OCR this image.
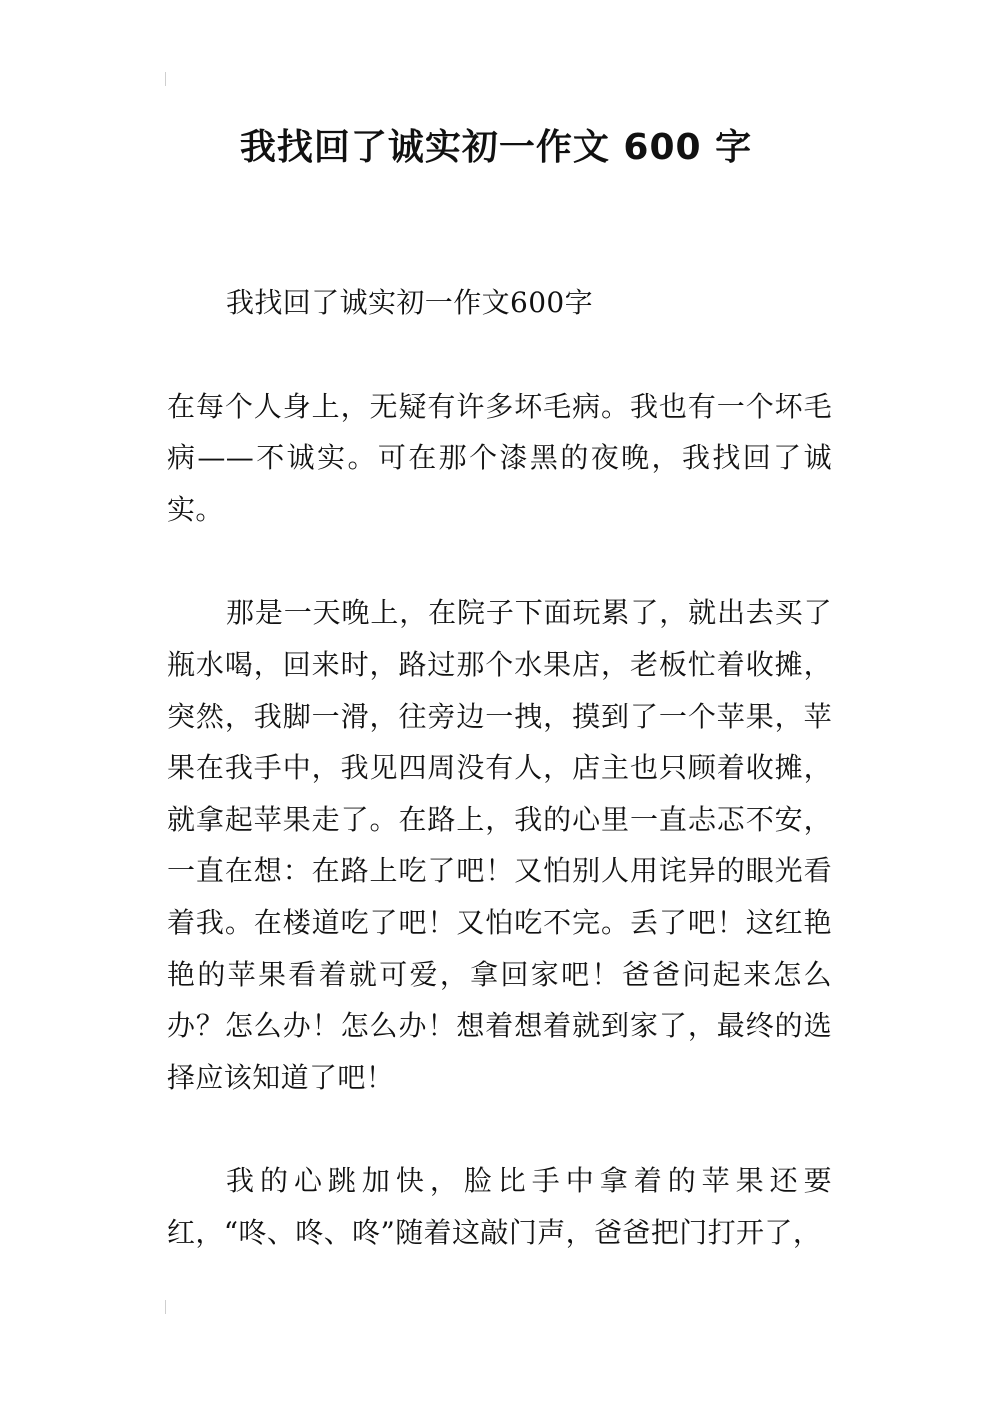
我找回了诚实初一作文 600 字

我找回了诚实初一作文600字

在每个人身上，无疑有许多坏毛病。我也有一个坏毛病——不诚实。可在那个漆黑的夜晚，我找回了诚实。

那是一天晚上，在院子下面玩累了，就出去买了瓶水喝，回来时，路过那个水果店，老板忙着收摊，突然，我脚一滑，往旁边一拽，摸到了一个苹果，苹果在我手中，我见四周没有人，店主也只顾着收摊，就拿起苹果走了。在路上，我的心里一直忐忑不安，一直在想：在路上吃了吧！又怕别人用诧异的眼光看着我。在楼道吃了吧！又怕吃不完。丢了吧！这红艳艳的苹果看着就可爱，拿回家吧！爸爸问起来怎么办？怎么办！怎么办！想着想着就到家了，最终的选择应该知道了吧！

我的心跳加快，脸比手中拿着的苹果还要红，“咚、咚、咚”随着这敲门声，爸爸把门打开了，
